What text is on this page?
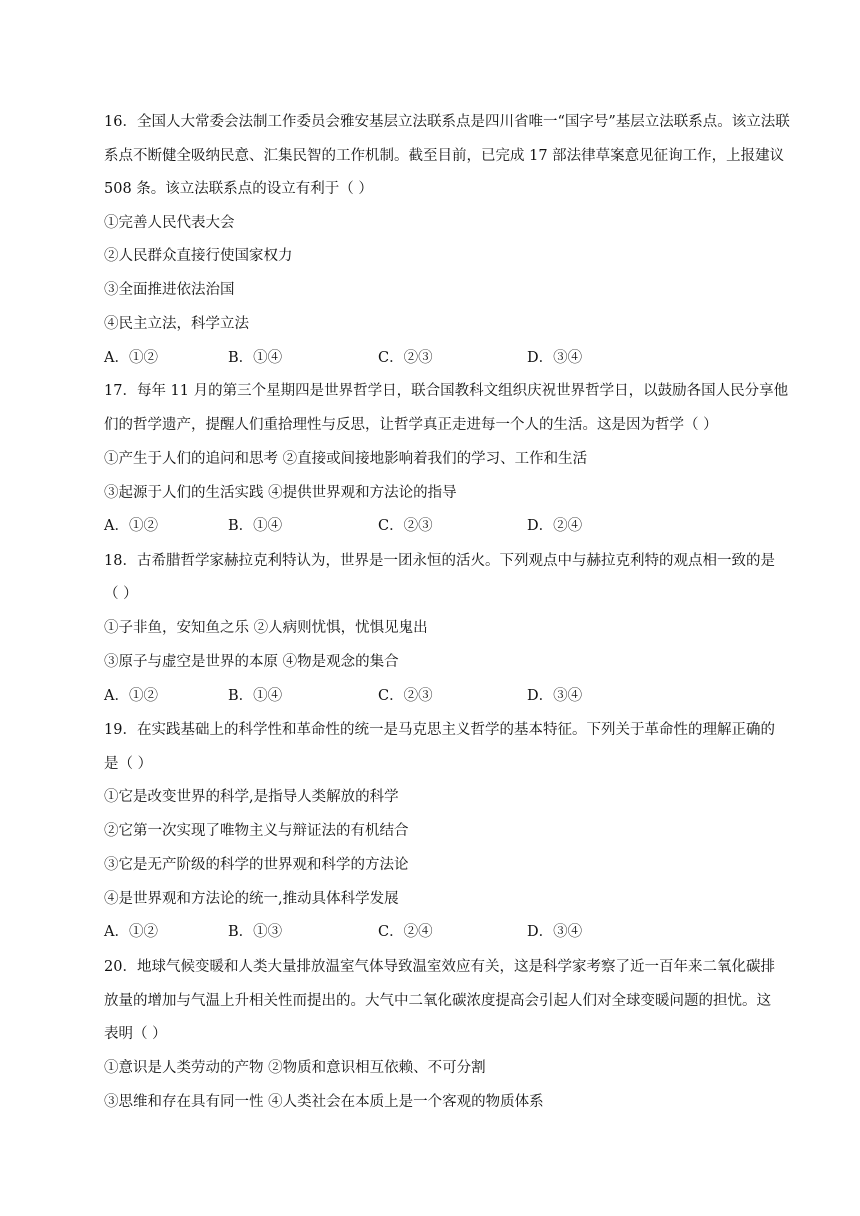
16．全国人大常委会法制工作委员会雅安基层立法联系点是四川省唯一“国字号”基层立法联系点。该立法联
系点不断健全吸纳民意、汇集民智的工作机制。截至目前，已完成 17 部法律草案意见征询工作，上报建议
508 条。该立法联系点的设立有利于（ ）
①完善人民代表大会
②人民群众直接行使国家权力
③全面推进依法治国
④民主立法，科学立法
A．①②	B．①④	C．②③	D．③④
17．每年 11 月的第三个星期四是世界哲学日，联合国教科文组织庆祝世界哲学日，以鼓励各国人民分享他
们的哲学遗产，提醒人们重拾理性与反思，让哲学真正走进每一个人的生活。这是因为哲学（ ）
①产生于人们的追问和思考 ②直接或间接地影响着我们的学习、工作和生活
③起源于人们的生活实践 ④提供世界观和方法论的指导
A．①②	B．①④	C．②③	D．②④
18．古希腊哲学家赫拉克利特认为，世界是一团永恒的活火。下列观点中与赫拉克利特的观点相一致的是
（ ）
①子非鱼，安知鱼之乐 ②人病则忧惧，忧惧见鬼出
③原子与虚空是世界的本原 ④物是观念的集合
A．①②	B．①④	C．②③	D．③④
19．在实践基础上的科学性和革命性的统一是马克思主义哲学的基本特征。下列关于革命性的理解正确的
是（ ）
①它是改变世界的科学,是指导人类解放的科学
②它第一次实现了唯物主义与辩证法的有机结合
③它是无产阶级的科学的世界观和科学的方法论
④是世界观和方法论的统一,推动具体科学发展
A．①②	B．①③	C．②④	D．③④
20．地球气候变暖和人类大量排放温室气体导致温室效应有关，这是科学家考察了近一百年来二氧化碳排
放量的增加与气温上升相关性而提出的。大气中二氧化碳浓度提高会引起人们对全球变暖问题的担忧。这
表明（ ）
①意识是人类劳动的产物 ②物质和意识相互依赖、不可分割
③思维和存在具有同一性 ④人类社会在本质上是一个客观的物质体系
